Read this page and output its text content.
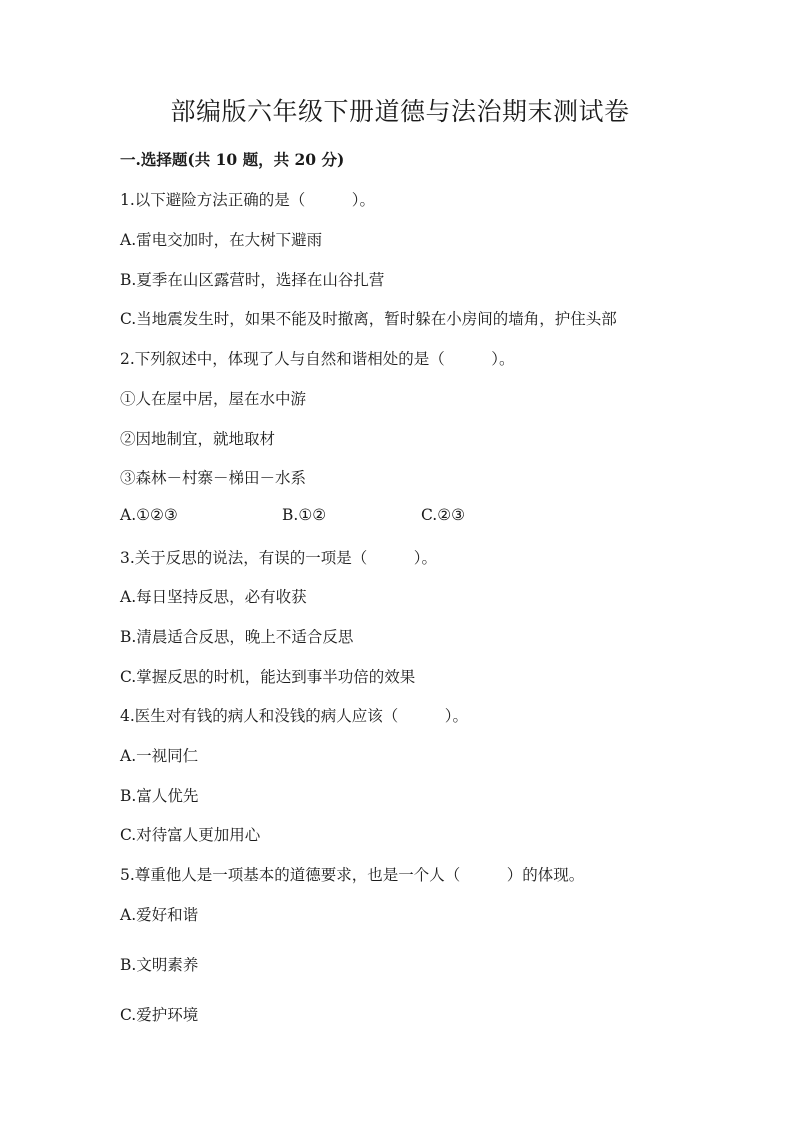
部编版六年级下册道德与法治期末测试卷
一.选择题(共 10 题，共 20 分)
1.以下避险方法正确的是（　　　）。
A.雷电交加时，在大树下避雨
B.夏季在山区露营时，选择在山谷扎营
C.当地震发生时，如果不能及时撤离，暂时躲在小房间的墙角，护住头部
2.下列叙述中，体现了人与自然和谐相处的是（　　　）。
①人在屋中居，屋在水中游
②因地制宜，就地取材
③森林－村寨－梯田－水系
A.①②③	B.①②	C.②③
3.关于反思的说法，有误的一项是（　　　）。
A.每日坚持反思，必有收获
B.清晨适合反思，晚上不适合反思
C.掌握反思的时机，能达到事半功倍的效果
4.医生对有钱的病人和没钱的病人应该（　　　）。
A.一视同仁
B.富人优先
C.对待富人更加用心
5.尊重他人是一项基本的道德要求，也是一个人（　　　）的体现。
A.爱好和谐
B.文明素养
C.爱护环境
